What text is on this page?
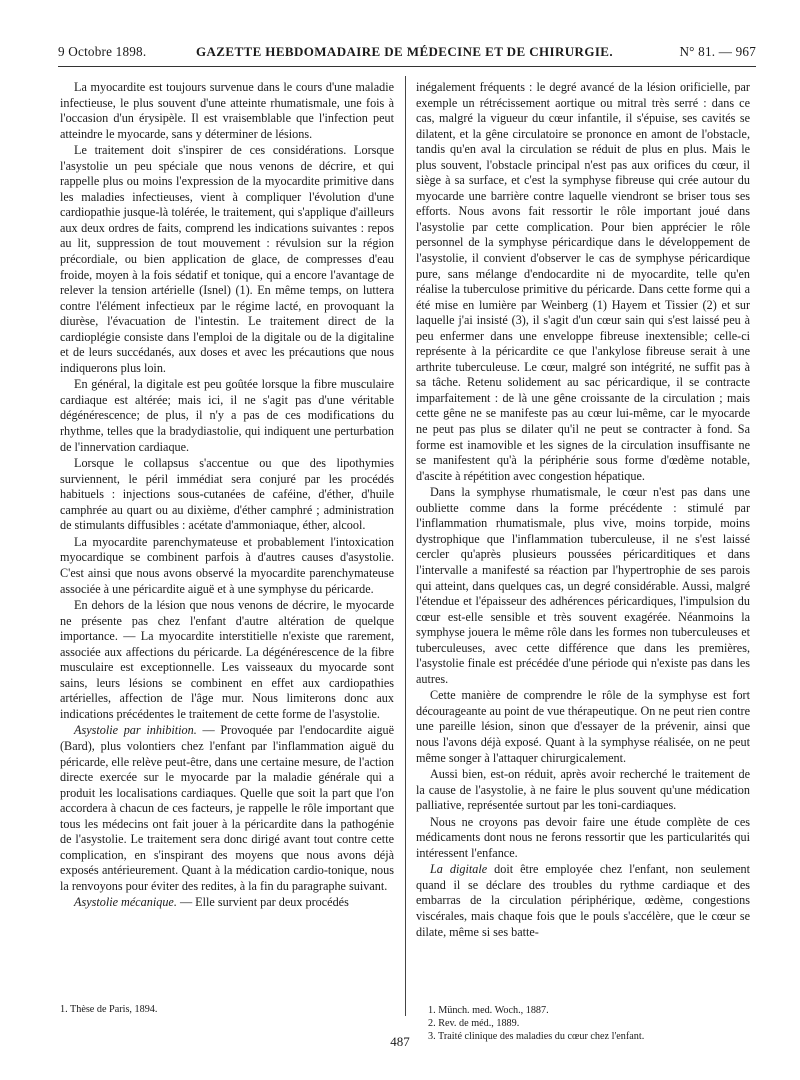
9 Octobre 1898.	GAZETTE HEBDOMADAIRE DE MÉDECINE ET DE CHIRURGIE.	N° 81. — 967

La myocardite est toujours survenue dans le cours d'une maladie infectieuse, le plus souvent d'une atteinte rhumatismale, une fois à l'occasion d'un érysipèle. Il est vraisemblable que l'infection peut atteindre le myocarde, sans y déterminer de lésions.

Le traitement doit s'inspirer de ces considérations. Lorsque l'asystolie un peu spéciale que nous venons de décrire, et qui rappelle plus ou moins l'expression de la myocardite primitive dans les maladies infectieuses, vient à compliquer l'évolution d'une cardiopathie jusque-là tolérée, le traitement, qui s'applique d'ailleurs aux deux ordres de faits, comprend les indications suivantes : repos au lit, suppression de tout mouvement : révulsion sur la région précordiale, ou bien application de glace, de compresses d'eau froide, moyen à la fois sédatif et tonique, qui a encore l'avantage de relever la tension artérielle (Isnel) (1). En même temps, on luttera contre l'élément infectieux par le régime lacté, en provoquant la diurèse, l'évacuation de l'intestin. Le traitement direct de la cardioplégie consiste dans l'emploi de la digitale ou de la digitaline et de leurs succédanés, aux doses et avec les précautions que nous indiquerons plus loin.

En général, la digitale est peu goûtée lorsque la fibre musculaire cardiaque est altérée; mais ici, il ne s'agit pas d'une véritable dégénérescence; de plus, il n'y a pas de ces modifications du rhythme, telles que la bradydiastolie, qui indiquent une perturbation de l'innervation cardiaque.

Lorsque le collapsus s'accentue ou que des lipothymies surviennent, le péril immédiat sera conjuré par les procédés habituels : injections sous-cutanées de caféine, d'éther, d'huile camphrée au quart ou au dixième, d'éther camphré ; administration de stimulants diffusibles : acétate d'ammoniaque, éther, alcool.

La myocardite parenchymateuse et probablement l'intoxication myocardique se combinent parfois à d'autres causes d'asystolie. C'est ainsi que nous avons observé la myocardite parenchymateuse associée à une péricardite aiguë et à une symphyse du péricarde.

En dehors de la lésion que nous venons de décrire, le myocarde ne présente pas chez l'enfant d'autre altération de quelque importance. — La myocardite interstitielle n'existe que rarement, associée aux affections du péricarde. La dégénérescence de la fibre musculaire est exceptionnelle. Les vaisseaux du myocarde sont sains, leurs lésions se combinent en effet aux cardiopathies artérielles, affection de l'âge mur. Nous limiterons donc aux indications précédentes le traitement de cette forme de l'asystolie.

Asystolie par inhibition. — Provoquée par l'endocardite aiguë (Bard), plus volontiers chez l'enfant par l'inflammation aiguë du péricarde, elle relève peut-être, dans une certaine mesure, de l'action directe exercée sur le myocarde par la maladie générale qui a produit les localisations cardiaques. Quelle que soit la part que l'on accordera à chacun de ces facteurs, je rappelle le rôle important que tous les médecins ont fait jouer à la péricardite dans la pathogénie de l'asystolie. Le traitement sera donc dirigé avant tout contre cette complication, en s'inspirant des moyens que nous avons déjà exposés antérieurement. Quant à la médication cardio-tonique, nous la renvoyons pour éviter des redites, à la fin du paragraphe suivant.

Asystolie mécanique. — Elle survient par deux procédés

inégalement fréquents : le degré avancé de la lésion orificielle, par exemple un rétrécissement aortique ou mitral très serré : dans ce cas, malgré la vigueur du cœur infantile, il s'épuise, ses cavités se dilatent, et la gêne circulatoire se prononce en amont de l'obstacle, tandis qu'en aval la circulation se réduit de plus en plus. Mais le plus souvent, l'obstacle principal n'est pas aux orifices du cœur, il siège à sa surface, et c'est la symphyse fibreuse qui crée autour du myocarde une barrière contre laquelle viendront se briser tous ses efforts. Nous avons fait ressortir le rôle important joué dans l'asystolie par cette complication. Pour bien apprécier le rôle personnel de la symphyse péricardique dans le développement de l'asystolie, il convient d'observer le cas de symphyse péricardique pure, sans mélange d'endocardite ni de myocardite, telle qu'en réalise la tuberculose primitive du péricarde. Dans cette forme qui a été mise en lumière par Weinberg (1) Hayem et Tissier (2) et sur laquelle j'ai insisté (3), il s'agit d'un cœur sain qui s'est laissé peu à peu enfermer dans une enveloppe fibreuse inextensible; celle-ci représente à la péricardite ce que l'ankylose fibreuse serait à une arthrite tuberculeuse. Le cœur, malgré son intégrité, ne suffit pas à sa tâche. Retenu solidement au sac péricardique, il se contracte imparfaitement : de là une gêne croissante de la circulation ; mais cette gêne ne se manifeste pas au cœur lui-même, car le myocarde ne peut pas plus se dilater qu'il ne peut se contracter à fond. Sa forme est inamovible et les signes de la circulation insuffisante ne se manifestent qu'à la périphérie sous forme d'œdème notable, d'ascite à répétition avec congestion hépatique.

Dans la symphyse rhumatismale, le cœur n'est pas dans une oubliette comme dans la forme précédente : stimulé par l'inflammation rhumatismale, plus vive, moins torpide, moins dystrophique que l'inflammation tuberculeuse, il ne s'est laissé cercler qu'après plusieurs poussées péricarditiques et dans l'intervalle a manifesté sa réaction par l'hypertrophie de ses parois qui atteint, dans quelques cas, un degré considérable. Aussi, malgré l'étendue et l'épaisseur des adhérences péricardiques, l'impulsion du cœur est-elle sensible et très souvent exagérée. Néanmoins la symphyse jouera le même rôle dans les formes non tuberculeuses et tuberculeuses, avec cette différence que dans les premières, l'asystolie finale est précédée d'une période qui n'existe pas dans les autres.

Cette manière de comprendre le rôle de la symphyse est fort décourageante au point de vue thérapeutique. On ne peut rien contre une pareille lésion, sinon que d'essayer de la prévenir, ainsi que nous l'avons déjà exposé. Quant à la symphyse réalisée, on ne peut même songer à l'attaquer chirurgicalement.

Aussi bien, est-on réduit, après avoir recherché le traitement de la cause de l'asystolie, à ne faire le plus souvent qu'une médication palliative, représentée surtout par les toni-cardiaques.

Nous ne croyons pas devoir faire une étude complète de ces médicaments dont nous ne ferons ressortir que les particularités qui intéressent l'enfance.

La digitale doit être employée chez l'enfant, non seulement quand il se déclare des troubles du rythme cardiaque et des embarras de la circulation périphérique, œdème, congestions viscérales, mais chaque fois que le pouls s'accélère, que le cœur se dilate, même si ses batte-

1. Thèse de Paris, 1894.	1. Münch. med. Woch., 1887.
2. Rev. de méd., 1889.
3. Traité clinique des maladies du cœur chez l'enfant.
487
